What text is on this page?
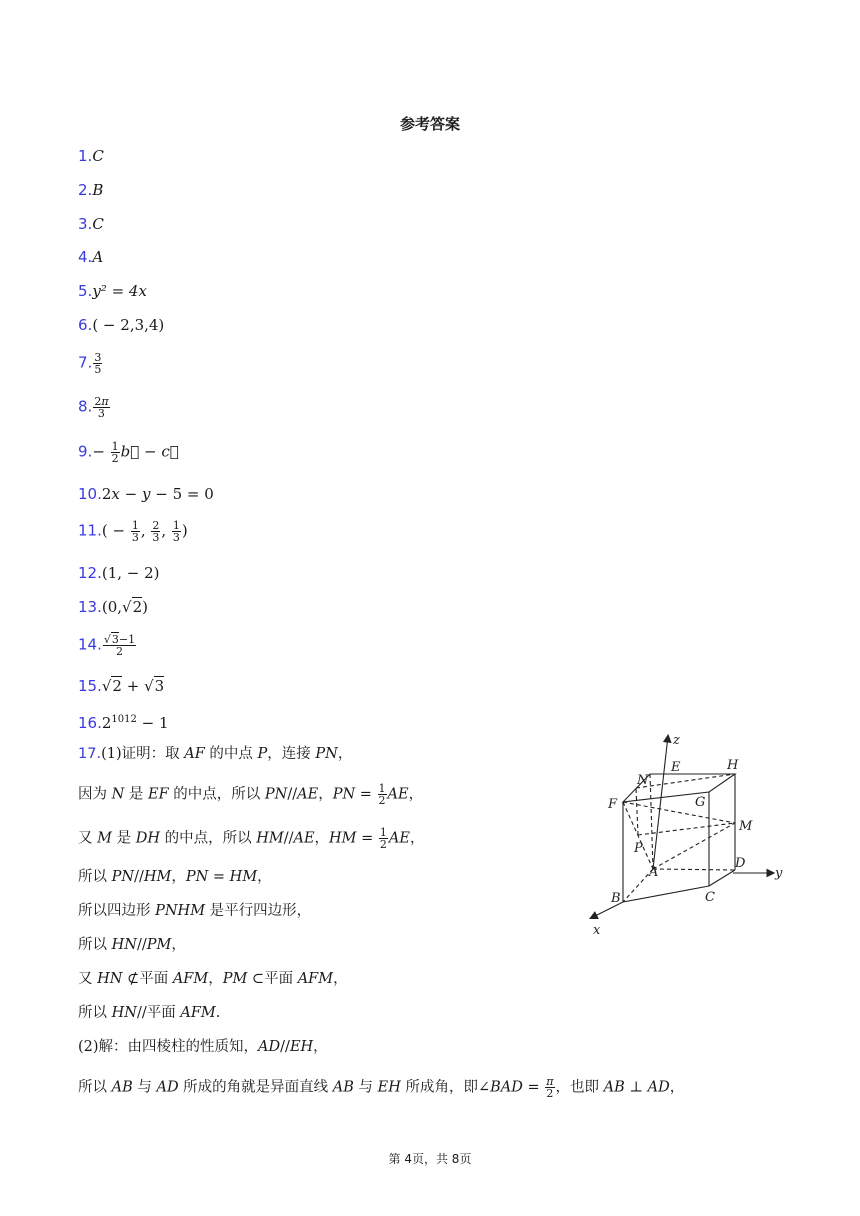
参考答案
1.C
2.B
3.C
4.A
5.y² = 4x
6.( − 2,3,4)
7. $\frac{3}{5}$
8. $\frac{2\pi}{3}$
$9.- \frac{1}{2}$ b⃗ − c⃗
10.2x − y − 5 = 0
$11.( - \frac{1}{3}$ , $\frac{2}{3}$ , $\frac{1}{3}$ )
12.(1, − 2)
13.(0,√2)
14. $\frac{√3-1}{2}$
15.√2 + √3
$16.2^{1012} - 1$
17.(1)证明：取 AF 的中点 P，连接 PN，
因为 N 是 EF 的中点，所以 PN//AE，PN = $\frac{1}{2}$ AE，
又 M 是 DH 的中点，所以 HM//AE，HM = $\frac{1}{2}$ AE，
所以 PN//HM，PN = HM，
所以四边形 PNHM 是平行四边形，
所以 HN//PM，
又 HN ⊄平面 AFM，PM ⊂平面 AFM，
所以 HN//平面 AFM.
(2)解：由四棱柱的性质知，AD//EH，
所以 AB 与 AD 所成的角就是异面直线 AB 与 EH 所成角，即∠BAD = $\frac{\pi}{2}$ ，也即 AB ⊥ AD，
z
y
x
E	H
N
G
F
M
P
A
D
B	C
第 4页，共 8页
